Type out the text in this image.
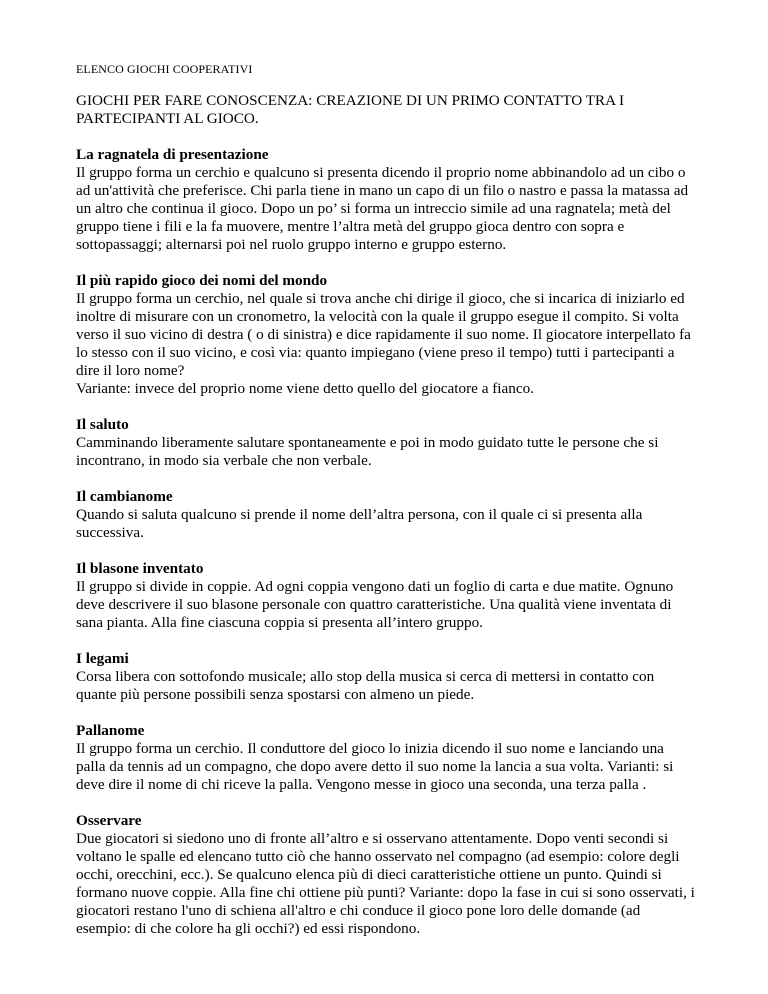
ELENCO GIOCHI COOPERATIVI
GIOCHI PER FARE CONOSCENZA: CREAZIONE DI UN PRIMO CONTATTO TRA I PARTECIPANTI AL GIOCO.
La ragnatela di presentazione
Il gruppo forma un cerchio e qualcuno si presenta dicendo il proprio nome abbinandolo ad un cibo o ad un'attività che preferisce. Chi parla tiene in mano un capo di un filo o nastro e passa la matassa ad un altro che continua il gioco. Dopo un po’ si forma un intreccio simile ad una ragnatela; metà del gruppo tiene i fili e la fa muovere, mentre l’altra metà del gruppo gioca dentro con sopra e sottopassaggi; alternarsi poi nel ruolo gruppo interno e gruppo esterno.
Il più rapido gioco dei nomi del mondo
Il gruppo forma un cerchio, nel quale si trova anche chi dirige il gioco, che si incarica di iniziarlo ed inoltre di misurare con un cronometro, la velocità con la quale il gruppo esegue il compito. Si volta verso il suo vicino di destra ( o di sinistra) e dice rapidamente il suo nome. Il giocatore interpellato fa lo stesso con il suo vicino, e così via: quanto impiegano (viene preso il tempo) tutti i partecipanti a dire il loro nome?
Variante: invece del proprio nome viene detto quello del giocatore a fianco.
Il saluto
Camminando liberamente salutare spontaneamente e poi in modo guidato tutte le persone che si incontrano, in modo sia verbale che non verbale.
Il cambianome
Quando si saluta qualcuno si prende il nome dell’altra persona, con il quale ci si presenta alla successiva.
Il blasone inventato
Il gruppo si divide in coppie. Ad ogni coppia vengono dati un foglio di carta e due matite. Ognuno deve descrivere il suo blasone personale con quattro caratteristiche. Una qualità viene inventata di sana pianta. Alla fine ciascuna coppia si presenta all’intero gruppo.
I legami
Corsa libera con sottofondo musicale; allo stop della musica si cerca di mettersi in contatto con quante più persone possibili senza spostarsi con almeno un piede.
Pallanome
Il gruppo forma un cerchio. Il conduttore del gioco lo inizia dicendo il suo nome e lanciando una palla da tennis ad un compagno, che dopo avere detto il suo nome la lancia a sua volta. Varianti: si deve dire il nome di chi riceve la palla. Vengono messe in gioco una seconda, una terza palla .
Osservare
Due giocatori si siedono uno di fronte all’altro e si osservano attentamente. Dopo venti secondi si voltano le spalle ed elencano tutto ciò che hanno osservato nel compagno (ad esempio: colore degli occhi, orecchini, ecc.). Se qualcuno elenca più di dieci caratteristiche ottiene un punto. Quindi si formano nuove coppie. Alla fine chi ottiene più punti? Variante: dopo la fase in cui si sono osservati, i giocatori restano l'uno di schiena all'altro e chi conduce il gioco pone loro delle domande (ad esempio: di che colore ha gli occhi?) ed essi rispondono.
